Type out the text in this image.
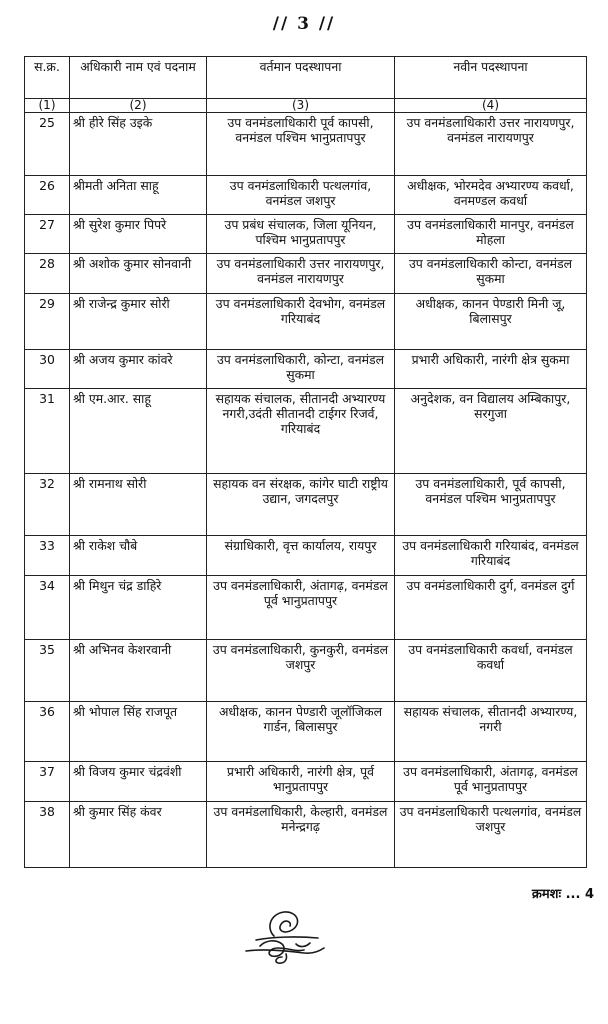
// 3 //
स.क्र.	अधिकारी नाम एवं पदनाम	वर्तमान पदस्थापना	नवीन पदस्थापना
(1)	(2)	(3)	(4)
25	श्री हीरे सिंह उइके	उप वनमंडलाधिकारी पूर्व कापसी, वनमंडल पश्चिम भानुप्रतापपुर	उप वनमंडलाधिकारी उत्तर नारायणपुर, वनमंडल नारायणपुर
26	श्रीमती अनिता साहू	उप वनमंडलाधिकारी पत्थलगांव, वनमंडल जशपुर	अधीक्षक, भोरमदेव अभ्यारण्य कवर्धा, वनमण्डल कवर्धा
27	श्री सुरेश कुमार पिपरे	उप प्रबंध संचालक, जिला यूनियन, पश्चिम भानुप्रतापपुर	उप वनमंडलाधिकारी मानपुर, वनमंडल मोहला
28	श्री अशोक कुमार सोनवानी	उप वनमंडलाधिकारी उत्तर नारायणपुर, वनमंडल नारायणपुर	उप वनमंडलाधिकारी कोन्टा, वनमंडल सुकमा
29	श्री राजेन्द्र कुमार सोरी	उप वनमंडलाधिकारी देवभोग, वनमंडल गरियाबंद	अधीक्षक, कानन पेण्डारी मिनी जू, बिलासपुर
30	श्री अजय कुमार कांवरे	उप वनमंडलाधिकारी, कोन्टा, वनमंडल सुकमा	प्रभारी अधिकारी, नारंगी क्षेत्र सुकमा
31	श्री एम.आर. साहू	सहायक संचालक, सीतानदी अभ्यारण्य नगरी,उदंती सीतानदी टाईगर रिजर्व, गरियाबंद	अनुदेशक, वन विद्यालय अम्बिकापुर, सरगुजा
32	श्री रामनाथ सोरी	सहायक वन संरक्षक, कांगेर घाटी राष्ट्रीय उद्यान, जगदलपुर	उप वनमंडलाधिकारी, पूर्व कापसी, वनमंडल पश्चिम भानुप्रतापपुर
33	श्री राकेश चौबे	संग्राधिकारी, वृत्त कार्यालय, रायपुर	उप वनमंडलाधिकारी गरियाबंद, वनमंडल गरियाबंद
34	श्री मिथुन चंद्र डाहिरे	उप वनमंडलाधिकारी, अंतागढ़, वनमंडल पूर्व भानुप्रतापपुर	उप वनमंडलाधिकारी दुर्ग, वनमंडल दुर्ग
35	श्री अभिनव केशरवानी	उप वनमंडलाधिकारी, कुनकुरी, वनमंडल जशपुर	उप वनमंडलाधिकारी कवर्धा, वनमंडल कवर्धा
36	श्री भोपाल सिंह राजपूत	अधीक्षक, कानन पेण्डारी जूलॉजिकल गार्डन, बिलासपुर	सहायक संचालक, सीतानदी अभ्यारण्य, नगरी
37	श्री विजय कुमार चंद्रवंशी	प्रभारी अधिकारी, नारंगी क्षेत्र, पूर्व भानुप्रतापपुर	उप वनमंडलाधिकारी, अंतागढ़, वनमंडल पूर्व भानुप्रतापपुर
38	श्री कुमार सिंह कंवर	उप वनमंडलाधिकारी, केल्हारी, वनमंडल मनेन्द्रगढ़	उप वनमंडलाधिकारी पत्थलगांव, वनमंडल जशपुर
क्रमशः ... 4
